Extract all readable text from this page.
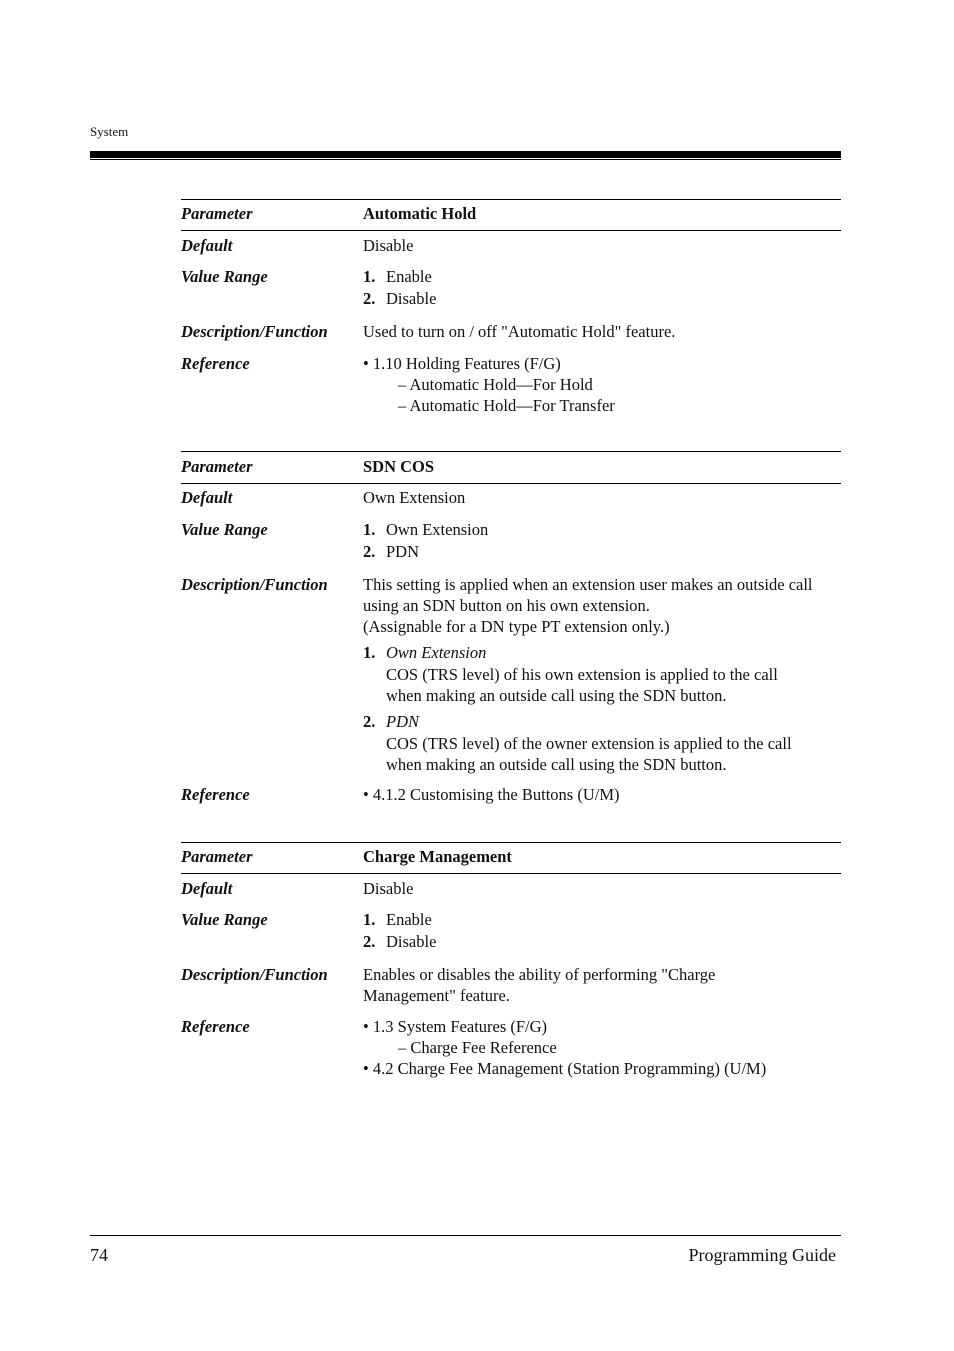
System
Parameter	Automatic Hold
Default	Disable
Value Range	1. Enable
2. Disable
Description/Function Used to turn on / off "Automatic Hold" feature.
Reference	• 1.10 Holding Features (F/G)
– Automatic Hold—For Hold
– Automatic Hold—For Transfer
Parameter	SDN COS
Default	Own Extension
Value Range	1. Own Extension
2. PDN
Description/Function This setting is applied when an extension user makes an outside call
using an SDN button on his own extension.
(Assignable for a DN type PT extension only.)
1. Own Extension
COS (TRS level) of his own extension is applied to the call
when making an outside call using the SDN button.
2. PDN
COS (TRS level) of the owner extension is applied to the call
when making an outside call using the SDN button.
Reference	• 4.1.2 Customising the Buttons (U/M)
Parameter	Charge Management
Default	Disable
Value Range	1. Enable
2. Disable
Description/Function Enables or disables the ability of performing "Charge
Management" feature.
Reference	• 1.3 System Features (F/G)
– Charge Fee Reference
• 4.2 Charge Fee Management (Station Programming) (U/M)
74	Programming Guide
